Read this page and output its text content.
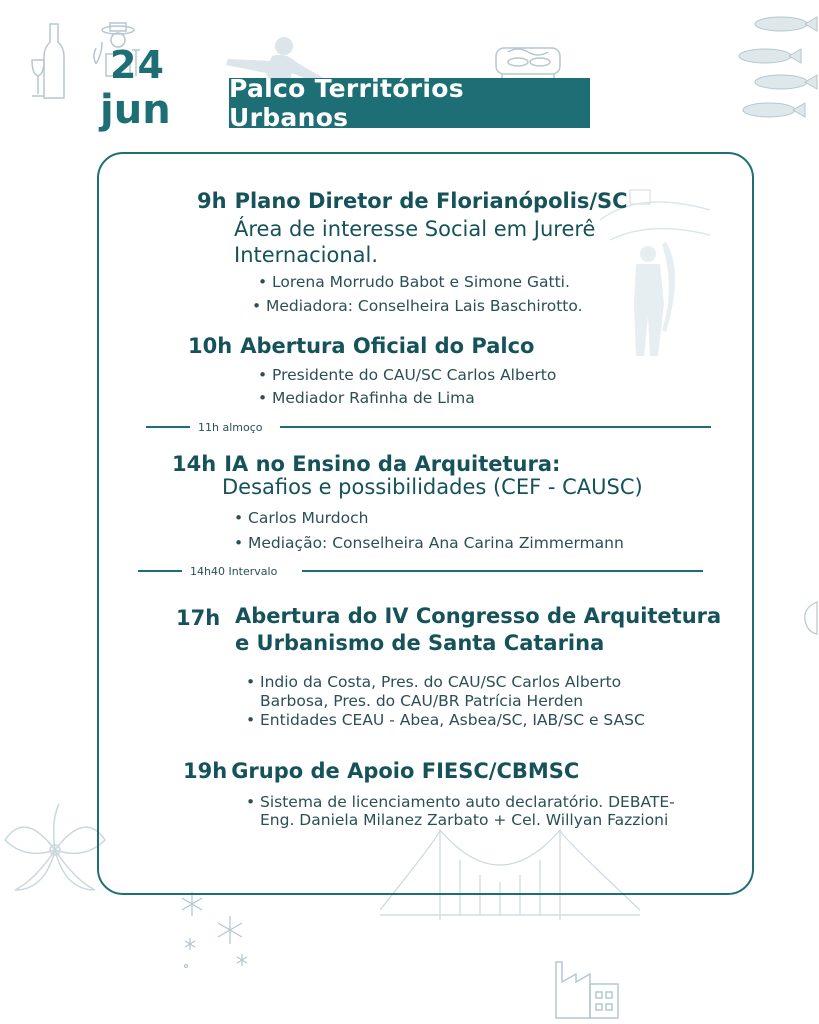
24
jun Palco Territórios Urbanos
9h Plano Diretor de Florianópolis/SC
Área de interesse Social em Jurerê
Internacional.
• Lorena Morrudo Babot e Simone Gatti.
• Mediadora: Conselheira Lais Baschirotto.
10h Abertura Oficial do Palco
• Presidente do CAU/SC Carlos Alberto
• Mediador Rafinha de Lima
11h almoço
14h IA no Ensino da Arquitetura:
Desafios e possibilidades (CEF - CAUSC)
• Carlos Murdoch
• Mediação: Conselheira Ana Carina Zimmermann
14h40 Intervalo
17h Abertura do IV Congresso de Arquitetura
e Urbanismo de Santa Catarina
• Indio da Costa, Pres. do CAU/SC Carlos Alberto
Barbosa, Pres. do CAU/BR Patrícia Herden
• Entidades CEAU - Abea, Asbea/SC, IAB/SC e SASC
19h Grupo de Apoio FIESC/CBMSC
• Sistema de licenciamento auto declaratório. DEBATE-
Eng. Daniela Milanez Zarbato + Cel. Willyan Fazzioni
